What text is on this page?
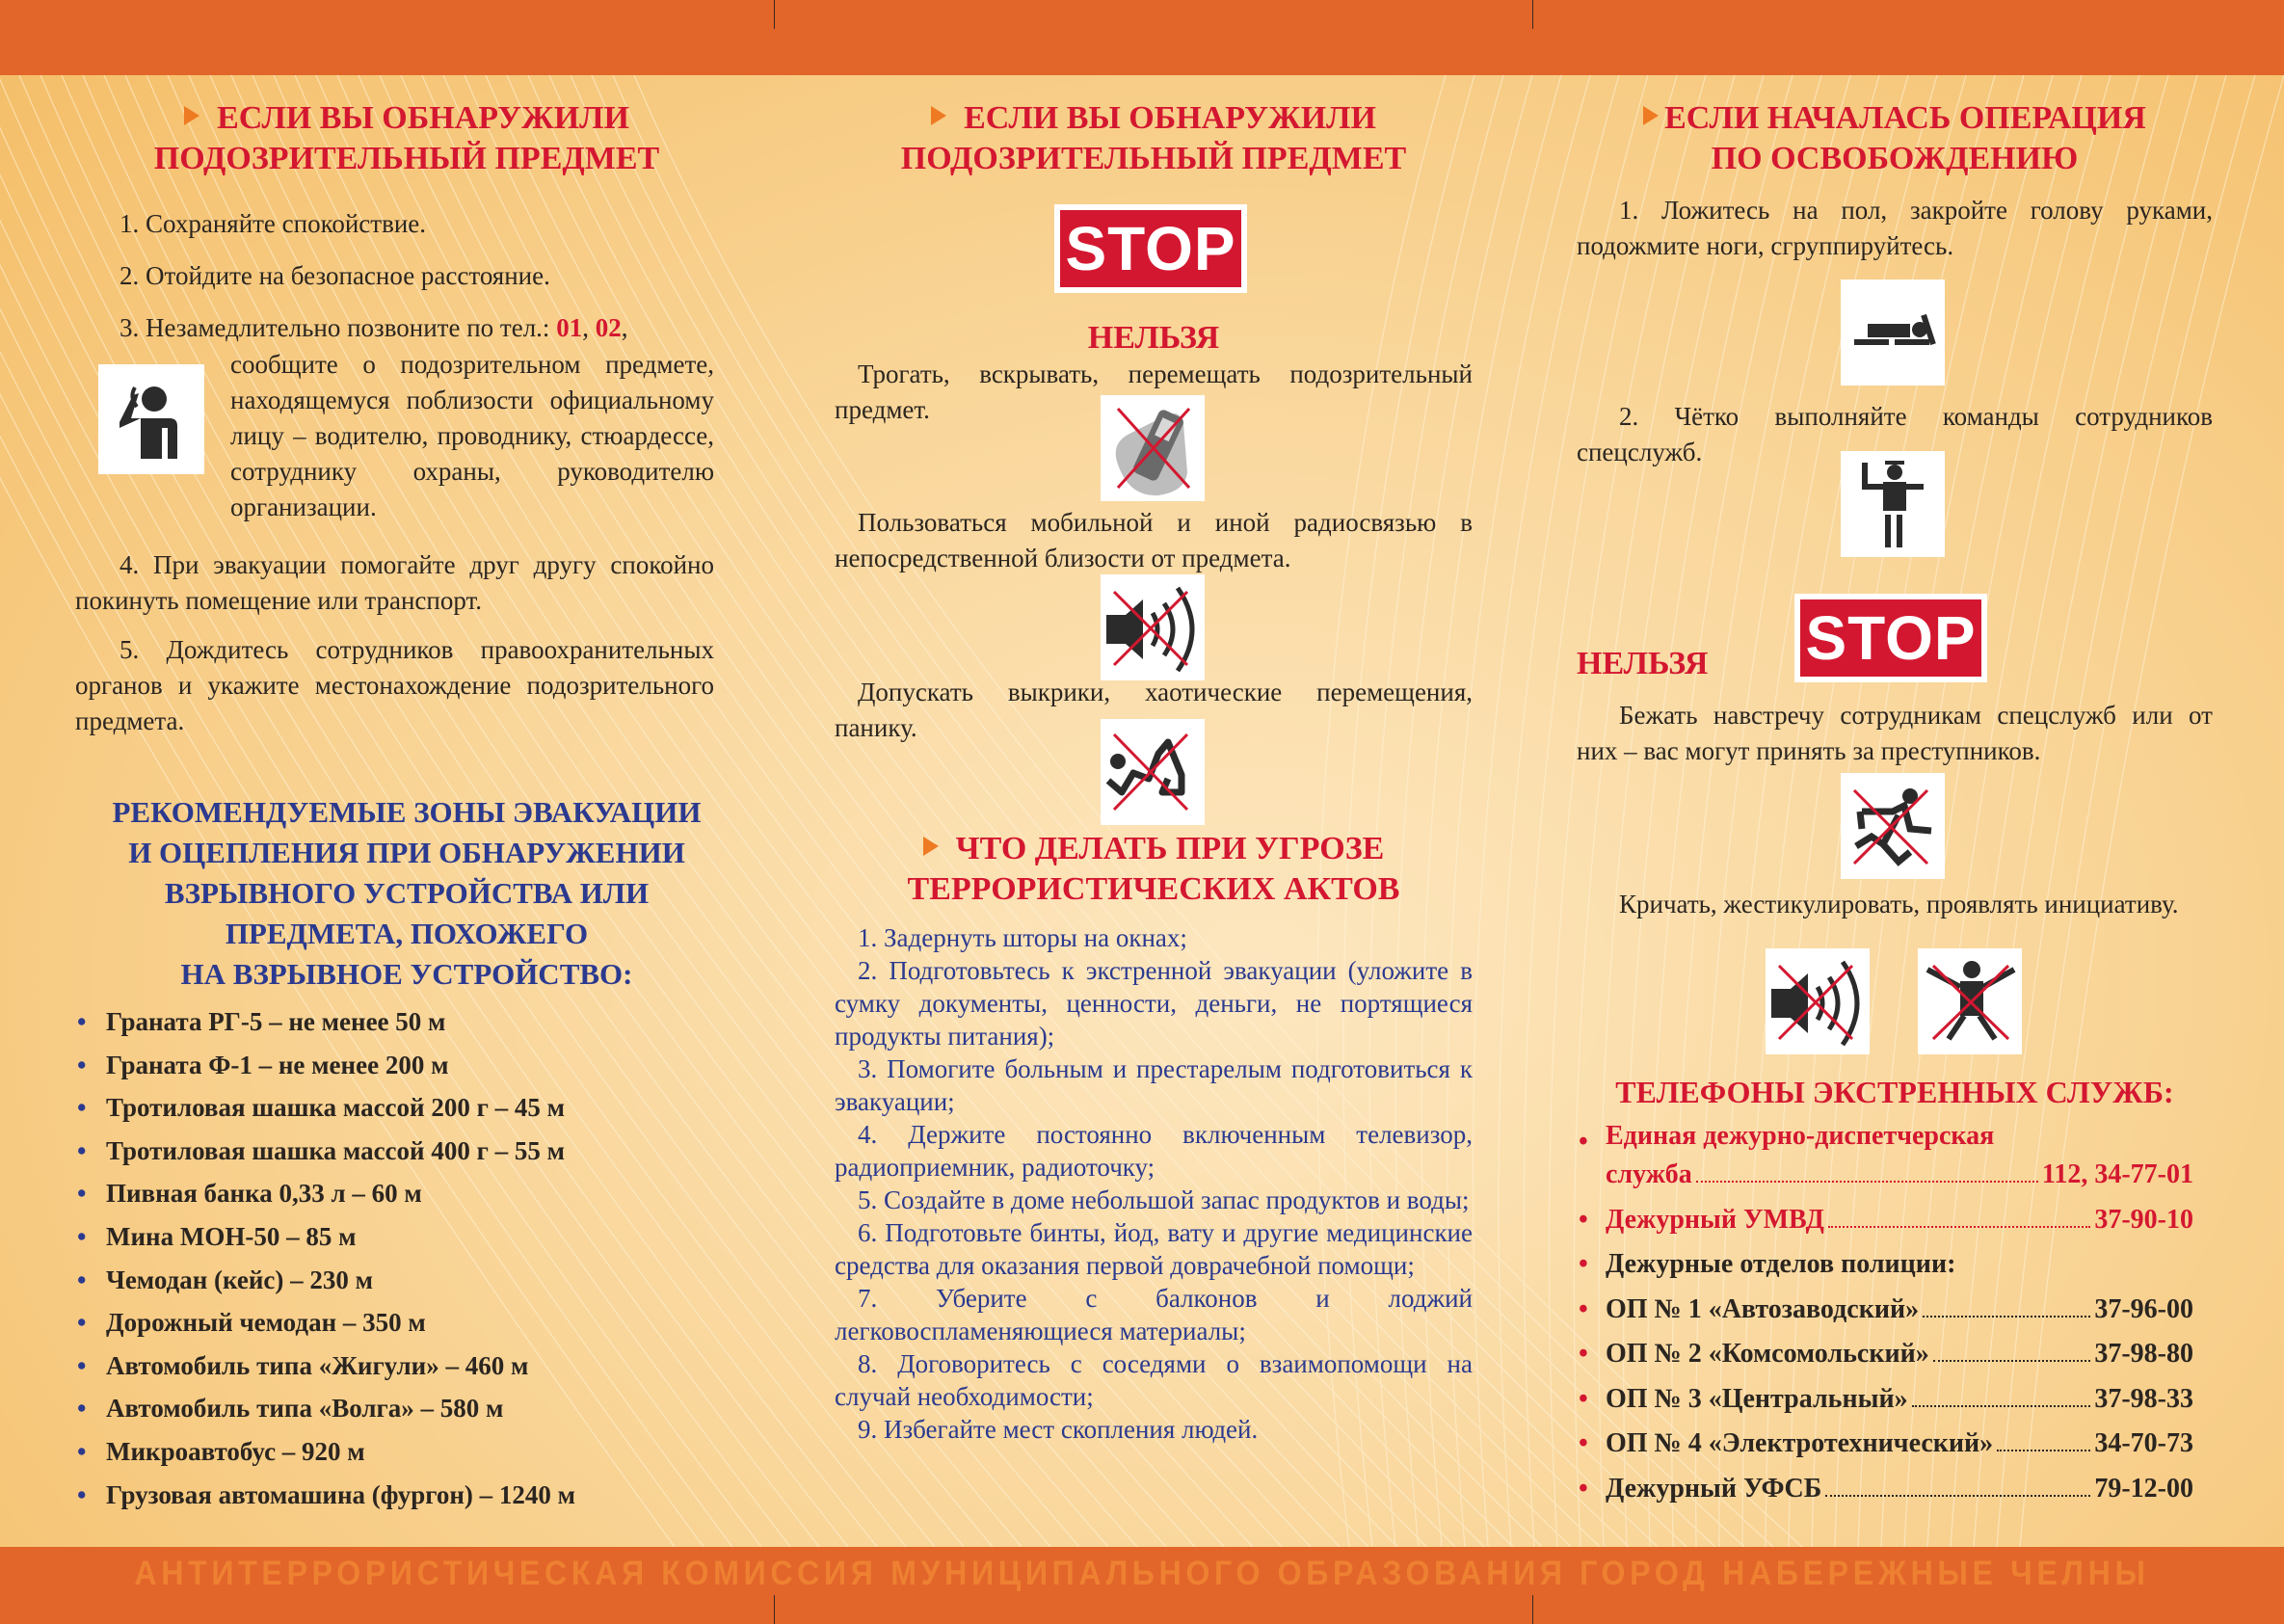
ЕСЛИ ВЫ ОБНАРУЖИЛИ
ПОДОЗРИТЕЛЬНЫЙ ПРЕДМЕТ

1. Сохраняйте спокойствие.

2. Отойдите на безопасное расстояние.

3. Незамедлительно позвоните по тел.: 01, 02,

сообщите о подозрительном предмете, находящемуся поблизости официальному лицу – водителю, проводнику, стюардессе, сотруднику охраны, руководителю организации.

4. При эвакуации помогайте друг другу спокойно покинуть помещение или транспорт.

5. Дождитесь сотрудников правоохранительных органов и укажите местонахождение подозрительного предмета.

РЕКОМЕНДУЕМЫЕ ЗОНЫ ЭВАКУАЦИИ

И ОЦЕПЛЕНИЯ ПРИ ОБНАРУЖЕНИИ

ВЗРЫВНОГО УСТРОЙСТВА ИЛИ

ПРЕДМЕТА, ПОХОЖЕГО

НА ВЗРЫВНОЕ УСТРОЙСТВО:

• Граната РГ-5 – не менее 50 м
• Граната Ф-1 – не менее 200 м
• Тротиловая шашка массой 200 г – 45 м
• Тротиловая шашка массой 400 г – 55 м
• Пивная банка 0,33 л – 60 м
• Мина МОН-50 – 85 м
• Чемодан (кейс) – 230 м
• Дорожный чемодан – 350 м
• Автомобиль типа «Жигули» – 460 м
• Автомобиль типа «Волга» – 580 м
• Микроавтобус – 920 м
• Грузовая автомашина (фургон) – 1240 м

ЕСЛИ ВЫ ОБНАРУЖИЛИ
ПОДОЗРИТЕЛЬНЫЙ ПРЕДМЕТ

STOP

НЕЛЬЗЯ

Трогать, вскрывать, перемещать подозрительный предмет.

Пользоваться мобильной и иной радиосвязью в непосредственной близости от предмета.

Допускать выкрики, хаотические перемещения, панику.

ЧТО ДЕЛАТЬ ПРИ УГРОЗЕ
ТЕРРОРИСТИЧЕСКИХ АКТОВ

1. Задернуть шторы на окнах;

2. Подготовьтесь к экстренной эвакуации (уложите в сумку документы, ценности, деньги, не портящиеся продукты питания);

3. Помогите больным и престарелым подготовиться к эвакуации;

4. Держите постоянно включенным телевизор, радиоприемник, радиоточку;

5. Создайте в доме небольшой запас продуктов и воды;

6. Подготовьте бинты, йод, вату и другие медицинские средства для оказания первой доврачебной помощи;

7. Уберите с балконов и лоджий легковоспламеняющиеся материалы;

8. Договоритесь с соседями о взаимопомощи на случай необходимости;

9. Избегайте мест скопления людей.

ЕСЛИ НАЧАЛАСЬ ОПЕРАЦИЯ
ПО ОСВОБОЖДЕНИЮ

1. Ложитесь на пол, закройте голову руками, подожмите ноги, сгруппируйтесь.

2. Чётко выполняйте команды сотрудников спецслужб.

STOP

НЕЛЬЗЯ

Бежать навстречу сотрудникам спецслужб или от них – вас могут принять за преступников.

Кричать, жестикулировать, проявлять инициативу.

ТЕЛЕФОНЫ ЭКСТРЕННЫХ СЛУЖБ:

• Единая дежурно-диспетчерская
служба	112, 34-77-01
• Дежурный УМВД	37-90-10
• Дежурные отделов полиции:
• ОП № 1 «Автозаводский»	37-96-00
• ОП № 2 «Комсомольский»	37-98-80
• ОП № 3 «Центральный»	37-98-33
• ОП № 4 «Электротехнический»	34-70-73
• Дежурный УФСБ	79-12-00
АНТИТЕРРОРИСТИЧЕСКАЯ КОМИССИЯ МУНИЦИПАЛЬНОГО ОБРАЗОВАНИЯ ГОРОД НАБЕРЕЖНЫЕ ЧЕЛНЫ
